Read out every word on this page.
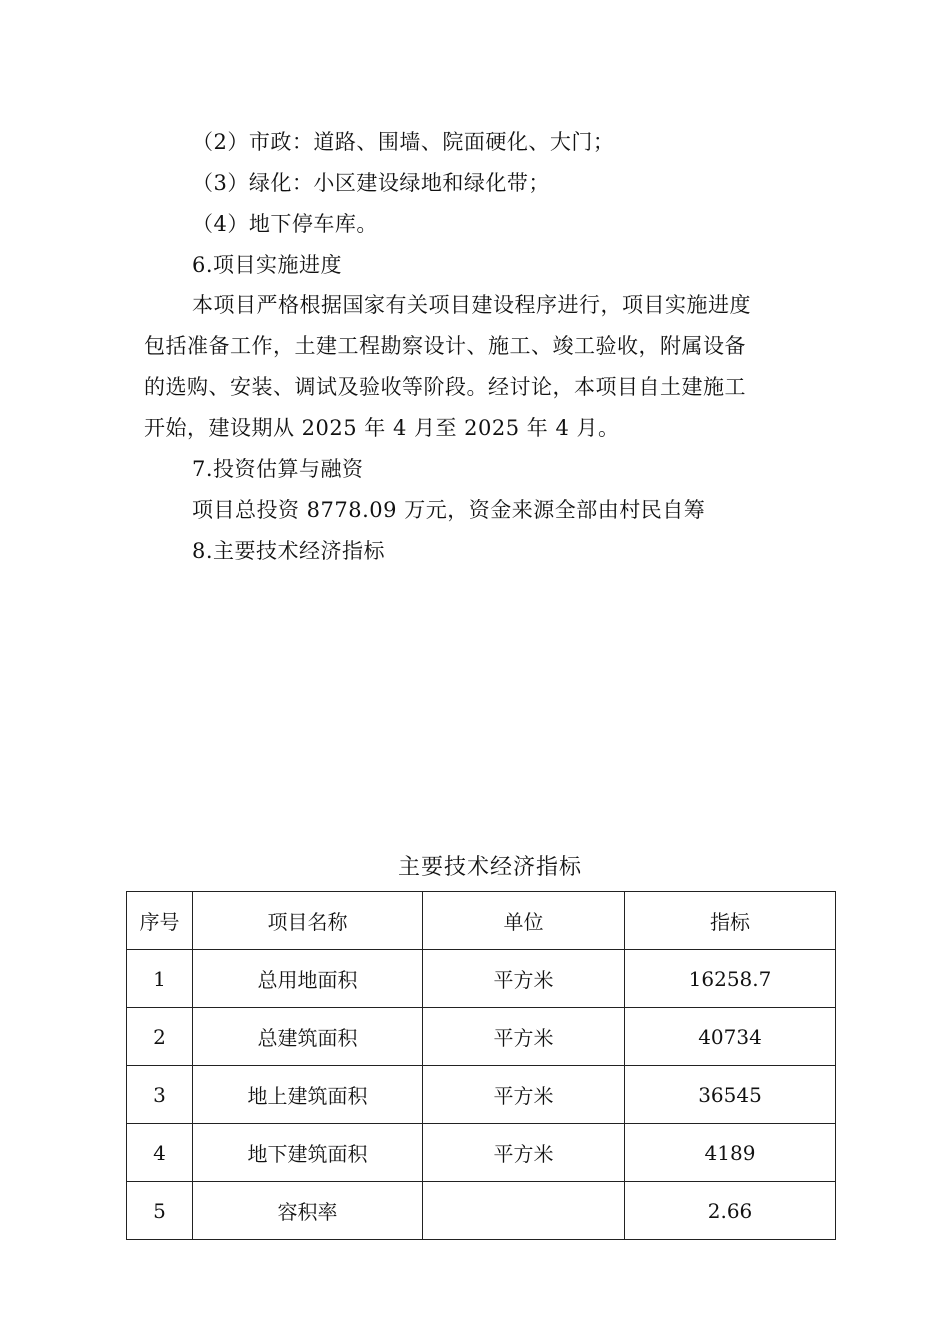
（2）市政：道路、围墙、院面硬化、大门；
（3）绿化：小区建设绿地和绿化带；
（4）地下停车库。
6.项目实施进度
本项目严格根据国家有关项目建设程序进行，项目实施进度
包括准备工作，土建工程勘察设计、施工、竣工验收，附属设备
的选购、安装、调试及验收等阶段。经讨论，本项目自土建施工
开始，建设期从 2025 年 4 月至 2025 年 4 月。
7.投资估算与融资
项目总投资 8778.09 万元，资金来源全部由村民自筹
8.主要技术经济指标
主要技术经济指标
序号	项目名称	单位	指标
1	总用地面积	平方米	16258.7
2	总建筑面积	平方米	40734
3	地上建筑面积	平方米	36545
4	地下建筑面积	平方米	4189
5	容积率		2.66
